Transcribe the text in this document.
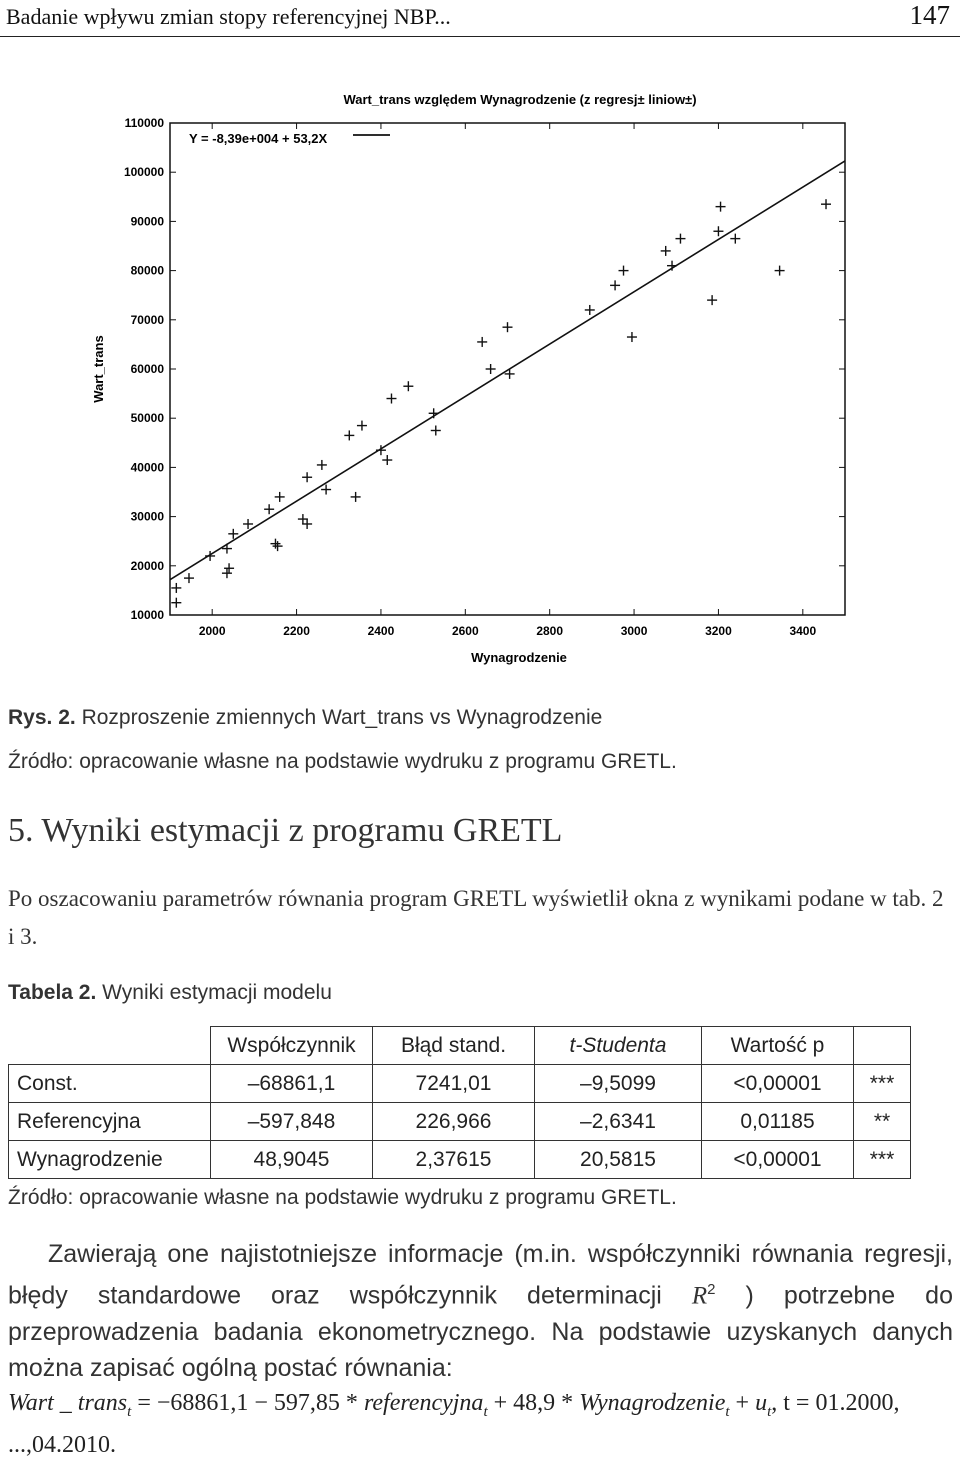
Badanie wpływu zmian stopy referencyjnej NBP...	147
2000	2200	2400	2600	2800	3000	3200	3400
10000
20000
30000
40000
50000
60000
70000
80000
90000
100000
110000
Wart_trans względem Wynagrodzenie (z regresj± liniow±)
Wynagrodzenie
Wart_trans
Y = -8,39e+004 + 53,2X
Rys. 2. Rozproszenie zmiennych Wart_trans vs Wynagrodzenie
Źródło: opracowanie własne na podstawie wydruku z programu GRETL.
5. Wyniki estymacji z programu GRETL
Po oszacowaniu parametrów równania program GRETL wyświetlił okna z wynikami podane w tab. 2 i 3.
Tabela 2. Wyniki estymacji modelu
	Współczynnik	Błąd stand.	t-Studenta	Wartość p	
Const.	–68861,1	7241,01	–9,5099	<0,00001	***
Referencyjna	–597,848	226,966	–2,6341	0,01185	**
Wynagrodzenie	48,9045	2,37615	20,5815	<0,00001	***
Źródło: opracowanie własne na podstawie wydruku z programu GRETL.
Zawierają one najistotniejsze informacje (m.in. współczynniki równania regresji, błędy standardowe oraz współczynnik determinacji $R^2$ ) potrzebne do przeprowadzenia badania ekonometrycznego. Na podstawie uzyskanych danych można zapisać ogólną postać równania:
Wart _ trans$_t$ = −68861,1 − 597,85 * referencyjna$_t$ + 48,9 * Wynagrodzenie$_t$ + $u_t$, t = 01.2000,
...,04.2010.
